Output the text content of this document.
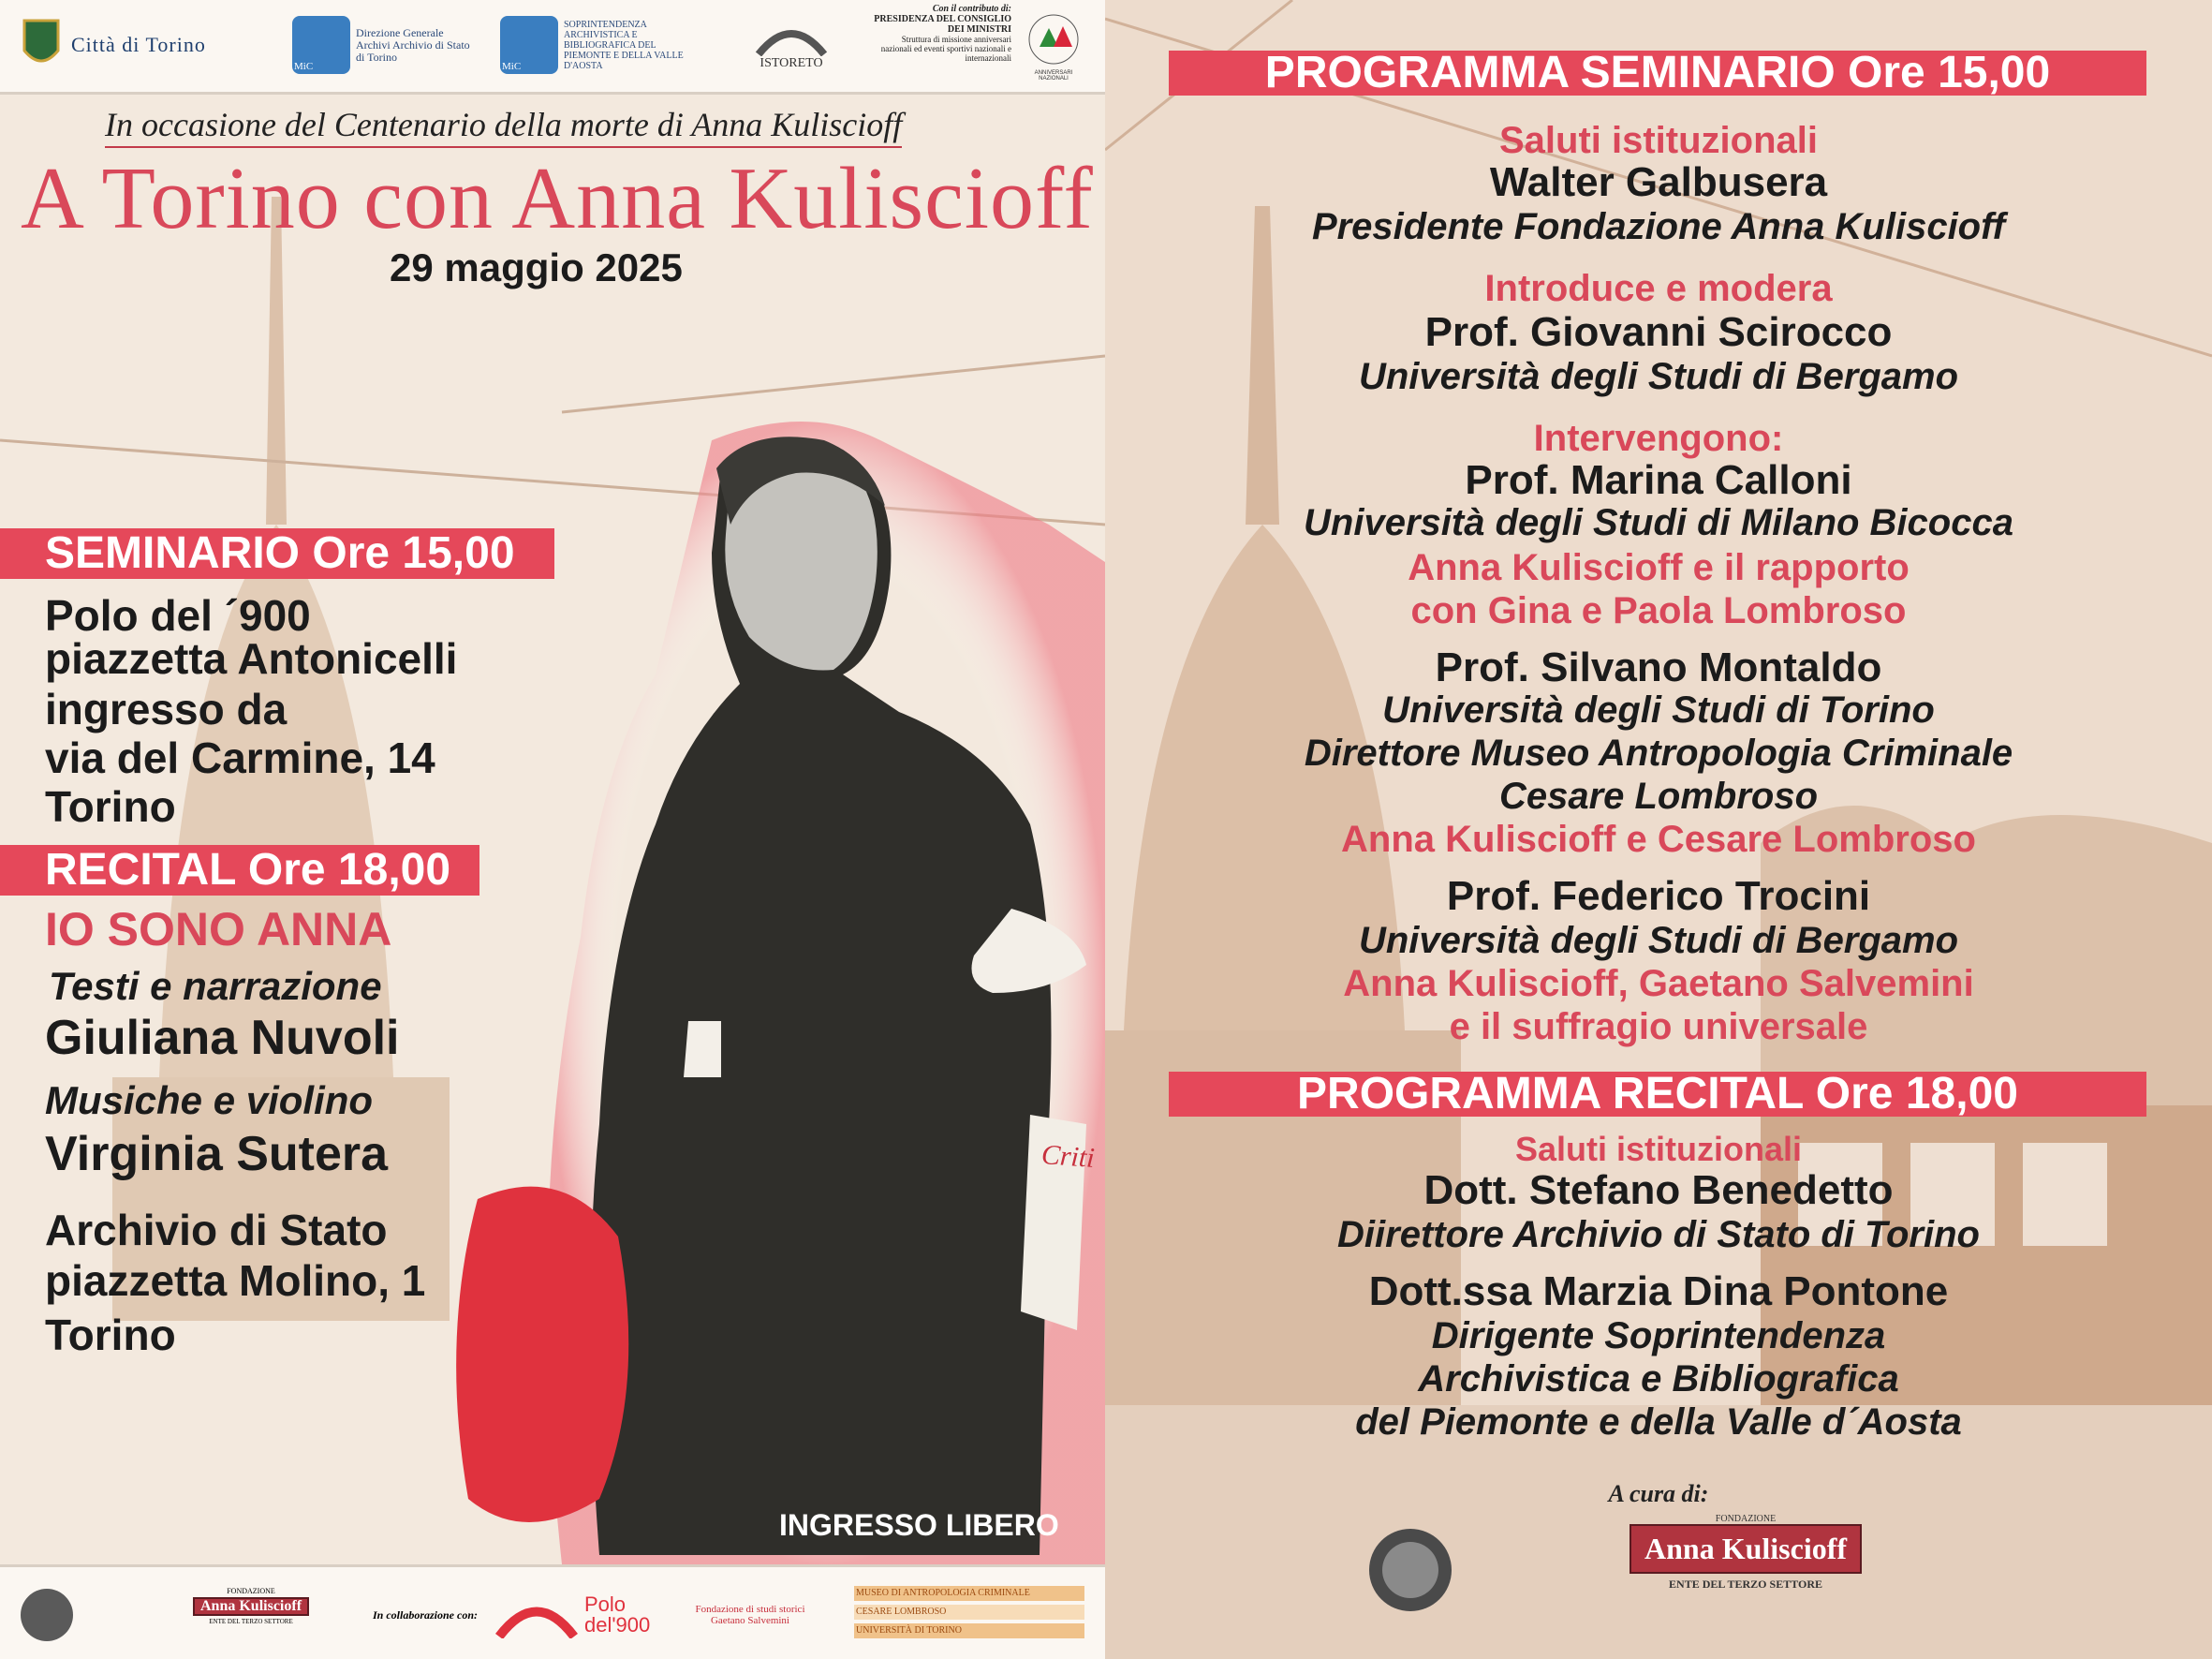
Città di Torino
MiC
Direzione Generale Archivi Archivio di Stato di Torino
MiC
SOPRINTENDENZA ARCHIVISTICA E BIBLIOGRAFICA DEL PIEMONTE E DELLA VALLE D'AOSTA	ISTORETO
Con il contributo di:
PRESIDENZA DEL CONSIGLIO DEI MINISTRI
Struttura di missione anniversari nazionali ed eventi sportivi nazionali e internazionali
ANNIVERSARI NAZIONALI
In occasione del Centenario della morte di Anna Kuliscioff
A Torino con Anna Kuliscioff
29 maggio 2025
SEMINARIO Ore 15,00
Polo del ´900
piazzetta Antonicelli
ingresso da
via del Carmine, 14
Torino
RECITAL Ore 18,00
IO SONO ANNA
Testi e narrazione
Giuliana Nuvoli
Musiche e violino
Virginia Sutera
Archivio di Stato
piazzetta Molino, 1
Torino
Criti
INGRESSO LIBERO
FONDAZIONE
Anna Kuliscioff
ENTE DEL TERZO SETTORE	In collaborazione con:	Polo del'900
Fondazione di studi storici Gaetano Salvemini
MUSEO DI ANTROPOLOGIA CRIMINALE
CESARE LOMBROSO
UNIVERSITÀ DI TORINO
PROGRAMMA SEMINARIO Ore 15,00
Saluti istituzionali
Walter Galbusera
Presidente Fondazione Anna Kuliscioff
Introduce e modera
Prof. Giovanni Scirocco
Università degli Studi di Bergamo
Intervengono:
Prof. Marina Calloni
Università degli Studi di Milano Bicocca
Anna Kuliscioff e il rapporto
con Gina e Paola Lombroso
Prof. Silvano Montaldo
Università degli Studi di Torino
Direttore Museo Antropologia Criminale
Cesare Lombroso
Anna Kuliscioff e Cesare Lombroso
Prof. Federico Trocini
Università degli Studi di Bergamo
Anna Kuliscioff, Gaetano Salvemini
e il suffragio universale
PROGRAMMA RECITAL Ore 18,00
Saluti istituzionali
Dott. Stefano Benedetto
Diirettore Archivio di Stato di Torino
Dott.ssa Marzia Dina Pontone
Dirigente Soprintendenza
Archivistica e Bibliografica
del Piemonte e della Valle d´Aosta
A cura di:
FONDAZIONE
Anna Kuliscioff
ENTE DEL TERZO SETTORE
